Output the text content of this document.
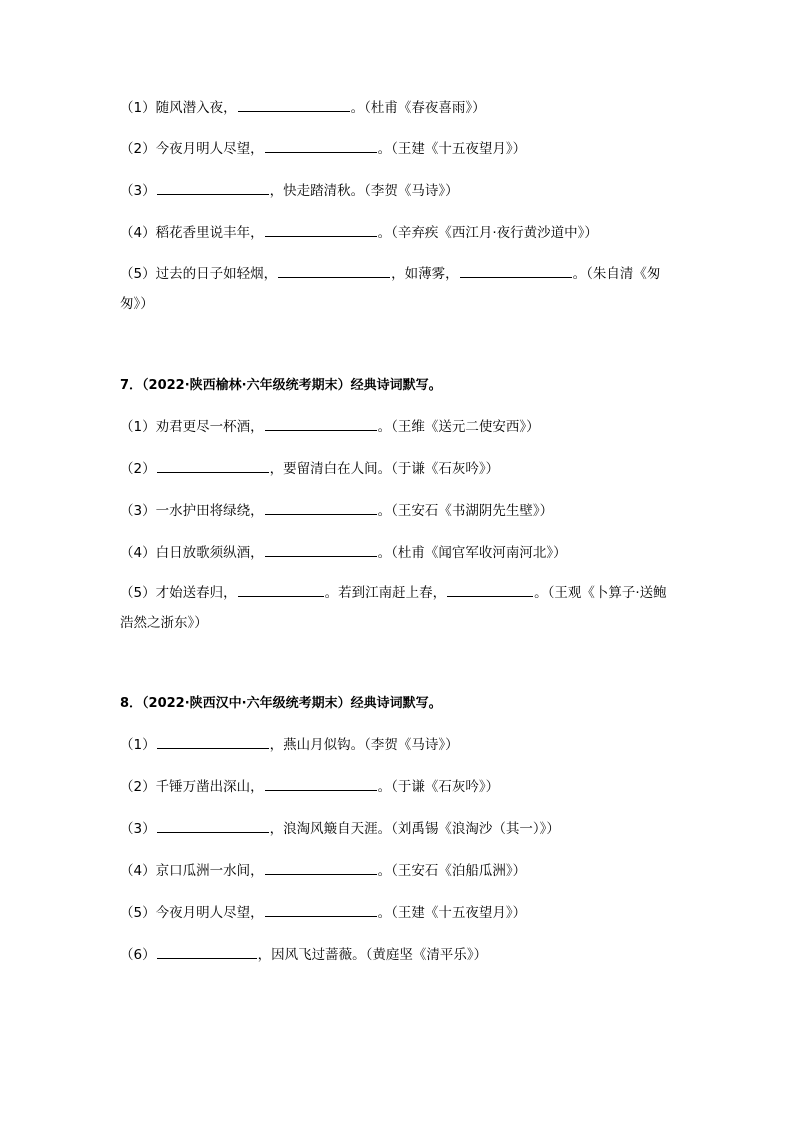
（1）随风潜入夜，	。（杜甫《春夜喜雨》）
（2）今夜月明人尽望，	。（王建《十五夜望月》）
（3）	，快走踏清秋。（李贺《马诗》）
（4）稻花香里说丰年，	。（辛弃疾《西江月·夜行黄沙道中》）
（5）过去的日子如轻烟，	，如薄雾，	。（朱自清《匆匆》）
7．（2022·陕西榆林·六年级统考期末）经典诗词默写。
（1）劝君更尽一杯酒，	。（王维《送元二使安西》）
（2）	，要留清白在人间。（于谦《石灰吟》）
（3）一水护田将绿绕，	。（王安石《书湖阴先生壁》）
（4）白日放歌须纵酒，	。（杜甫《闻官军收河南河北》）
（5）才始送春归，	。若到江南赶上春，	。（王观《卜算子·送鲍浩然之浙东》）
8．（2022·陕西汉中·六年级统考期末）经典诗词默写。
（1）	，燕山月似钩。（李贺《马诗》）
（2）千锤万凿出深山，	。（于谦《石灰吟》）
（3）	，浪淘风簸自天涯。（刘禹锡《浪淘沙（其一）》）
（4）京口瓜洲一水间，	。（王安石《泊船瓜洲》）
（5）今夜月明人尽望，	。（王建《十五夜望月》）
（6）	，因风飞过蔷薇。（黄庭坚《清平乐》）
